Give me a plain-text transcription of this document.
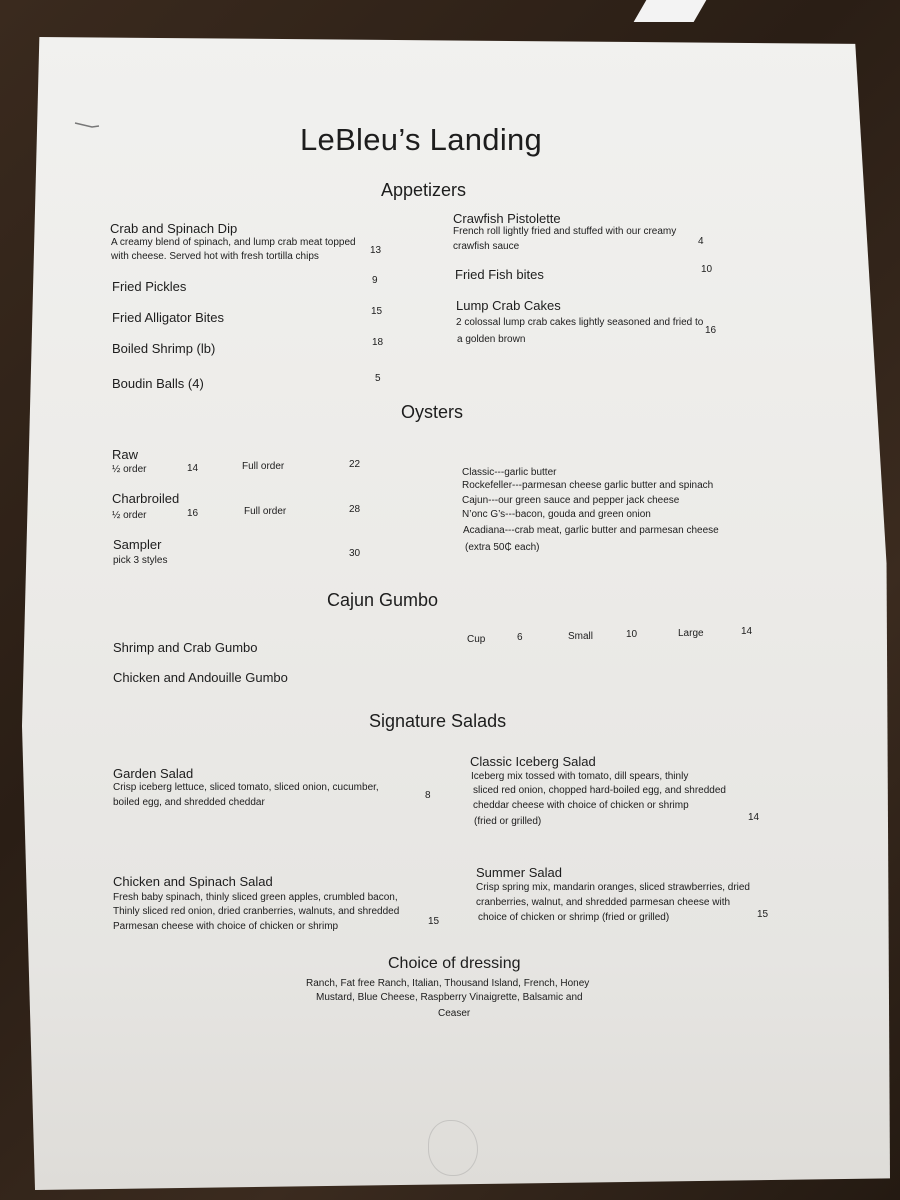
LeBleu’s Landing
Appetizers
Crab and Spinach Dip
A creamy blend of spinach, and lump crab meat topped
with cheese. Served hot with fresh tortilla chips
13
Fried Pickles	9
Fried Alligator Bites	15
Boiled Shrimp (lb)	18
Boudin Balls (4)	5
Crawfish Pistolette
French roll lightly fried and stuffed with our creamy
crawfish sauce	4
Fried Fish bites	10
Lump Crab Cakes
2 colossal lump crab cakes lightly seasoned and fried to
a golden brown
16
Oysters
Raw
½ order	14	Full order	22
Charbroiled
½ order	16	Full order	28
Sampler
pick 3 styles
30
Classic---garlic butter
Rockefeller---parmesan cheese garlic butter and spinach
Cajun---our green sauce and pepper jack cheese
N’onc G’s---bacon, gouda and green onion
Acadiana---crab meat, garlic butter and parmesan cheese
(extra 50₵ each)
Cajun Gumbo
Shrimp and Crab Gumbo
Chicken and Andouille Gumbo
Cup	6	Small	10	Large	14
Signature Salads
Garden Salad
Crisp iceberg lettuce, sliced tomato, sliced onion, cucumber,
boiled egg, and shredded cheddar
8
Classic Iceberg Salad
Iceberg mix tossed with tomato, dill spears, thinly
sliced red onion, chopped hard-boiled egg, and shredded
cheddar cheese with choice of chicken or shrimp
(fried or grilled)	14
Chicken and Spinach Salad
Fresh baby spinach, thinly sliced green apples, crumbled bacon,
Thinly sliced red onion, dried cranberries, walnuts, and shredded
Parmesan cheese with choice of chicken or shrimp	15
Summer Salad
Crisp spring mix, mandarin oranges, sliced strawberries, dried
cranberries, walnut, and shredded parmesan cheese with
choice of chicken or shrimp (fried or grilled)	15
Choice of dressing
Ranch, Fat free Ranch, Italian, Thousand Island, French, Honey
Mustard, Blue Cheese, Raspberry Vinaigrette, Balsamic and
Ceaser
